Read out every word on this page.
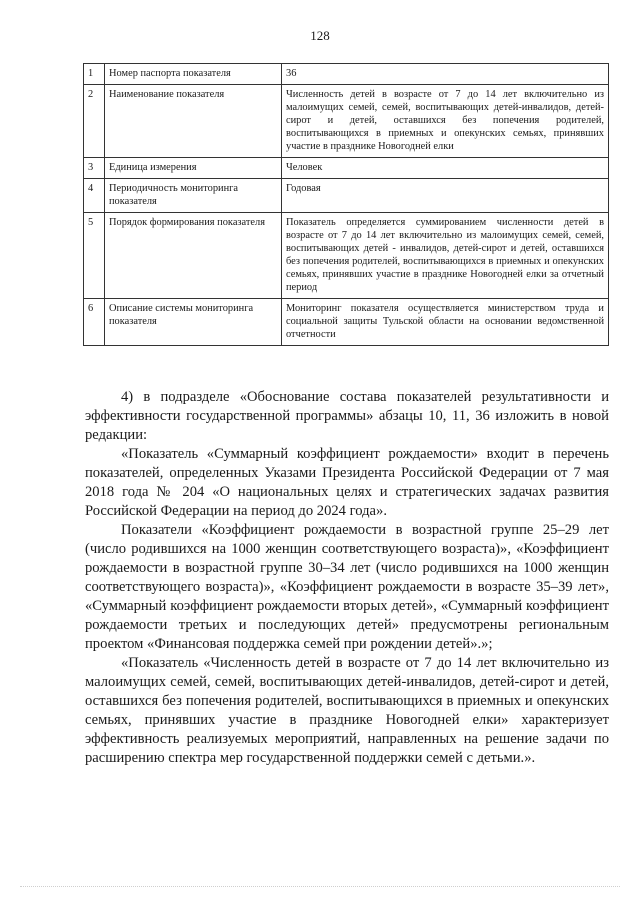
128
1	Номер паспорта показателя	36
2	Наименование показателя	Численность детей в возрасте от 7 до 14 лет включительно из малоимущих семей, семей, воспитывающих детей-инвалидов, детей-сирот и детей, оставшихся без попечения родителей, воспитывающихся в приемных и опекунских семьях, принявших участие в празднике Новогодней елки
3	Единица измерения	Человек
4	Периодичность мониторинга показателя	Годовая
5	Порядок формирования показателя	Показатель определяется суммированием численности детей в возрасте от 7 до 14 лет включительно из малоимущих семей, семей, воспитывающих детей - инвалидов, детей-сирот и детей, оставшихся без попечения родителей, воспитывающихся в приемных и опекунских семьях, принявших участие в празднике Новогодней елки за отчетный период
6	Описание системы мониторинга показателя	Мониторинг показателя осуществляется министерством труда и социальной защиты Тульской области на основании ведомственной отчетности

4) в подразделе «Обоснование состава показателей результативности и эффективности государственной программы» абзацы 10, 11, 36 изложить в новой редакции:

«Показатель «Суммарный коэффициент рождаемости» входит в перечень показателей, определенных Указами Президента Российской Федерации от 7 мая 2018 года № 204 «О национальных целях и стратегических задачах развития Российской Федерации на период до 2024 года».

Показатели «Коэффициент рождаемости в возрастной группе 25–29 лет (число родившихся на 1000 женщин соответствующего возраста)», «Коэффициент рождаемости в возрастной группе 30–34 лет (число родившихся на 1000 женщин соответствующего возраста)», «Коэффициент рождаемости в возрасте 35–39 лет», «Суммарный коэффициент рождаемости вторых детей», «Суммарный коэффициент рождаемости третьих и последующих детей» предусмотрены региональным проектом «Финансовая поддержка семей при рождении детей».»;

«Показатель «Численность детей в возрасте от 7 до 14 лет включительно из малоимущих семей, семей, воспитывающих детей-инвалидов, детей-сирот и детей, оставшихся без попечения родителей, воспитывающихся в приемных и опекунских семьях, принявших участие в празднике Новогодней елки» характеризует эффективность реализуемых мероприятий, направленных на решение задачи по расширению спектра мер государственной поддержки семей с детьми.».
